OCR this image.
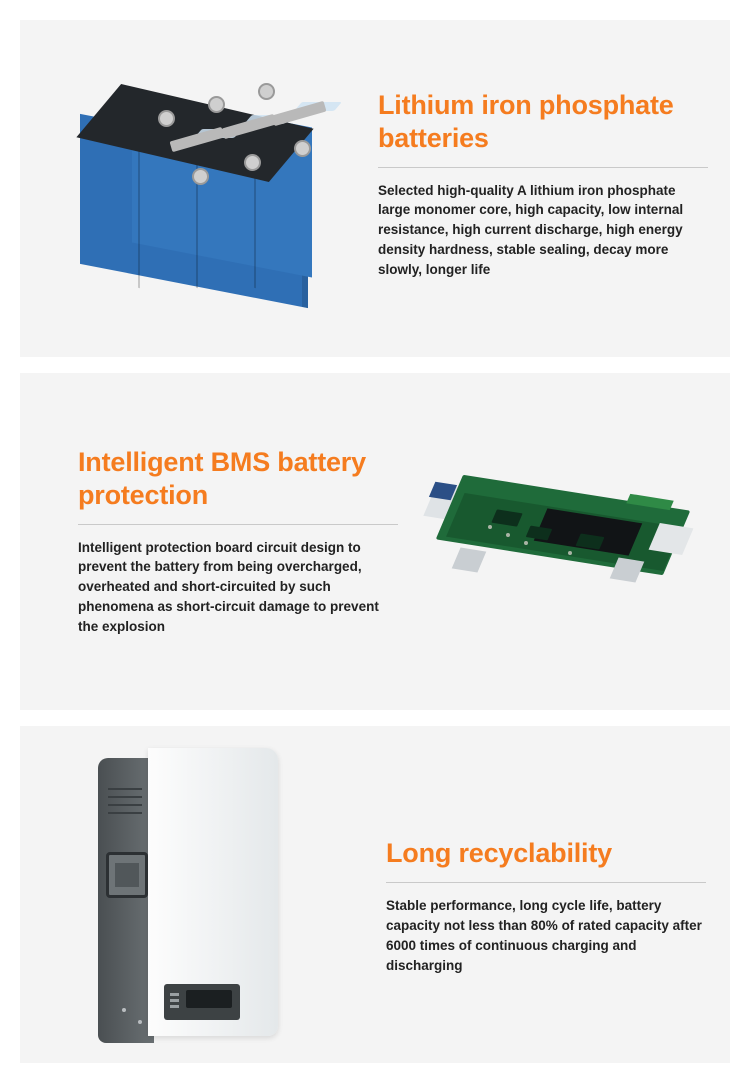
Lithium iron phosphate batteries

Selected high-quality A lithium iron phosphate large monomer core, high capacity, low internal resistance, high current discharge, high energy density hardness, stable sealing, decay more slowly, longer life

Intelligent BMS battery protection

Intelligent protection board circuit design to prevent the battery from being overcharged, overheated and short-circuited by such phenomena as short-circuit damage to prevent the explosion

Long recyclability

Stable performance, long cycle life, battery capacity not less than 80% of rated capacity after 6000 times of continuous charging and discharging
